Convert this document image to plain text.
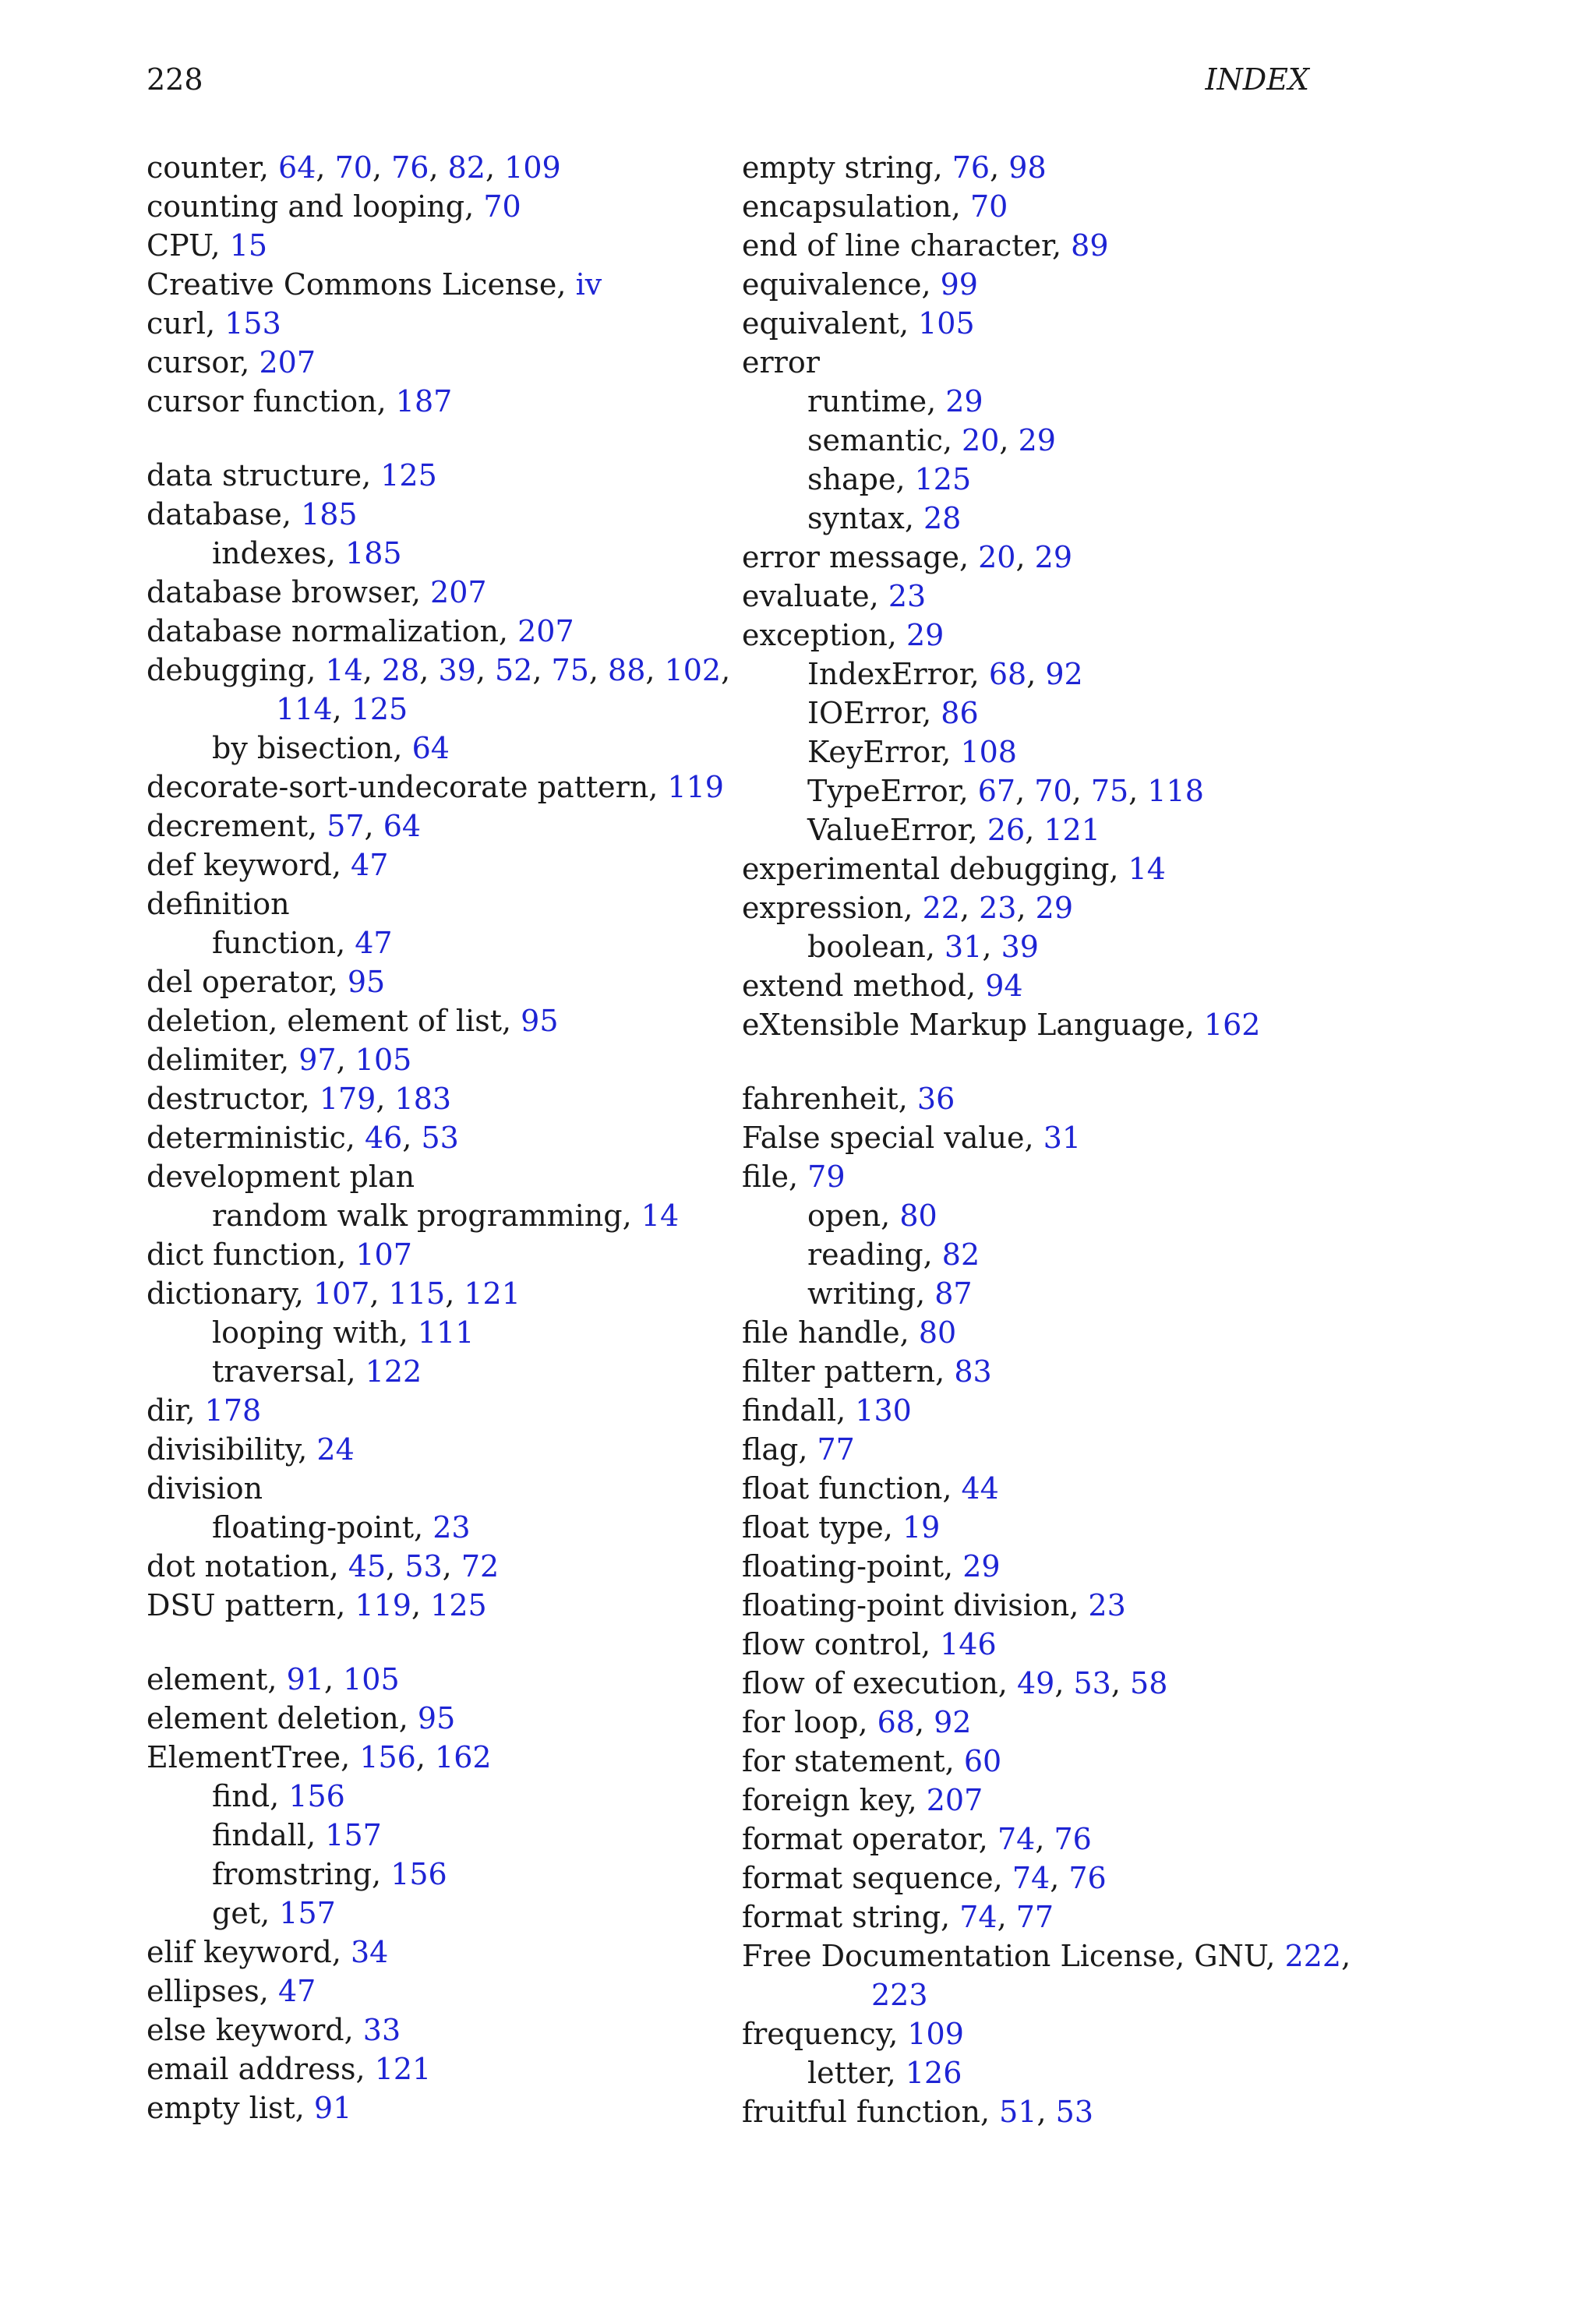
228	INDEX
counter, 64, 70, 76, 82, 109
counting and looping, 70
CPU, 15
Creative Commons License, iv
curl, 153
cursor, 207
cursor function, 187
data structure, 125
database, 185
indexes, 185
database browser, 207
database normalization, 207
debugging, 14, 28, 39, 52, 75, 88, 102,
114, 125
by bisection, 64
decorate-sort-undecorate pattern, 119
decrement, 57, 64
def keyword, 47
definition
function, 47
del operator, 95
deletion, element of list, 95
delimiter, 97, 105
destructor, 179, 183
deterministic, 46, 53
development plan
random walk programming, 14
dict function, 107
dictionary, 107, 115, 121
looping with, 111
traversal, 122
dir, 178
divisibility, 24
division
floating-point, 23
dot notation, 45, 53, 72
DSU pattern, 119, 125
element, 91, 105
element deletion, 95
ElementTree, 156, 162
find, 156
findall, 157
fromstring, 156
get, 157
elif keyword, 34
ellipses, 47
else keyword, 33
email address, 121
empty list, 91
empty string, 76, 98
encapsulation, 70
end of line character, 89
equivalence, 99
equivalent, 105
error
runtime, 29
semantic, 20, 29
shape, 125
syntax, 28
error message, 20, 29
evaluate, 23
exception, 29
IndexError, 68, 92
IOError, 86
KeyError, 108
TypeError, 67, 70, 75, 118
ValueError, 26, 121
experimental debugging, 14
expression, 22, 23, 29
boolean, 31, 39
extend method, 94
eXtensible Markup Language, 162
fahrenheit, 36
False special value, 31
file, 79
open, 80
reading, 82
writing, 87
file handle, 80
filter pattern, 83
findall, 130
flag, 77
float function, 44
float type, 19
floating-point, 29
floating-point division, 23
flow control, 146
flow of execution, 49, 53, 58
for loop, 68, 92
for statement, 60
foreign key, 207
format operator, 74, 76
format sequence, 74, 76
format string, 74, 77
Free Documentation License, GNU, 222,
223
frequency, 109
letter, 126
fruitful function, 51, 53
